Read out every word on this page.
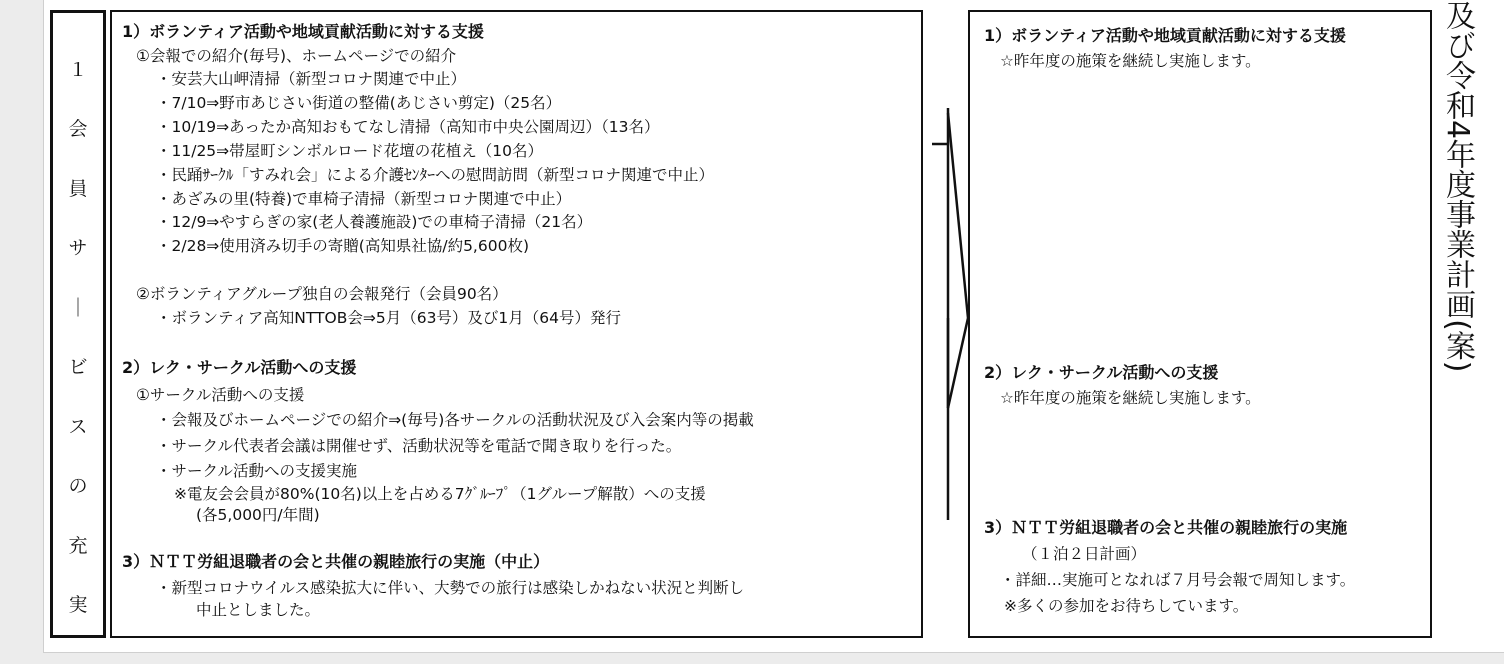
１
会
員
サ
｜
ビ
ス
の
充
実
1）ボランティア活動や地域貢献活動に対する支援
①会報での紹介(毎号)、ホームページでの紹介
・安芸大山岬清掃（新型コロナ関連で中止）
・7/10⇒野市あじさい街道の整備(あじさい剪定)（25名）
・10/19⇒あったか高知おもてなし清掃（高知市中央公園周辺）（13名）
・11/25⇒帯屋町シンボルロード花壇の花植え（10名）
・民踊ｻｰｸﾙ「すみれ会」による介護ｾﾝﾀｰへの慰問訪問（新型コロナ関連で中止）
・あざみの里(特養)で車椅子清掃（新型コロナ関連で中止）
・12/9⇒やすらぎの家(老人養護施設)での車椅子清掃（21名）
・2/28⇒使用済み切手の寄贈(高知県社協/約5,600枚)
②ボランティアグループ独自の会報発行（会員90名）
・ボランティア高知NTTOB会⇒5月（63号）及び1月（64号）発行
2）レク・サークル活動への支援
①サークル活動への支援
・会報及びホームページでの紹介⇒(毎号)各サークルの活動状況及び入会案内等の掲載
・サークル代表者会議は開催せず、活動状況等を電話で聞き取りを行った。
・サークル活動への支援実施
※電友会会員が80%(10名)以上を占める7ｸﾞﾙｰﾌﾟ（1グループ解散）への支援
(各5,000円/年間)
3）ＮＴＴ労組退職者の会と共催の親睦旅行の実施（中止）
・新型コロナウイルス感染拡大に伴い、大勢での旅行は感染しかねない状況と判断し
中止としました。
1）ボランティア活動や地域貢献活動に対する支援
☆昨年度の施策を継続し実施します。
2）レク・サークル活動への支援
☆昨年度の施策を継続し実施します。
3）ＮＴＴ労組退職者の会と共催の親睦旅行の実施
（１泊２日計画）
・詳細…実施可となれば７月号会報で周知します。
※多くの参加をお待ちしています。
及び令和4年度事業計画(案)
